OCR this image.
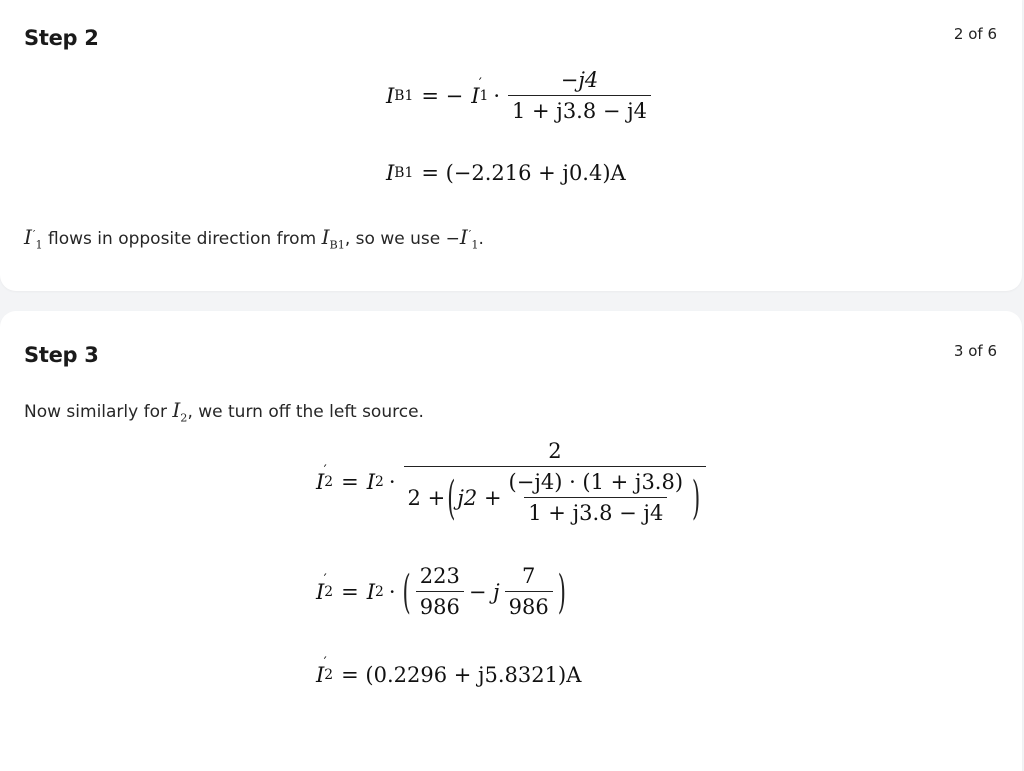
Step 2	2 of 6
I B1 = − I ′
$1 \cdot \frac{-j4}{1 + j3.8 - j4}$
I B1 = (−2.216 + j0.4)A
$I'_1$ flows in opposite direction from $I_{B1}$, so we use $-I'_1$.
Step 3	3 of 6
Now similarly for $I_2$, we turn off the left source.
I ′
2 = I 2 ·
2
2 + ( $j2 + \frac{(-j4) \cdot (1 + j3.8)}{1 + j3.8 - j4}$ )
I ′
2 = I 2 · ( $\frac{223}{986} - j \frac{7}{986}$ )
I ′
2 = (0.2296 + j5.8321)A
